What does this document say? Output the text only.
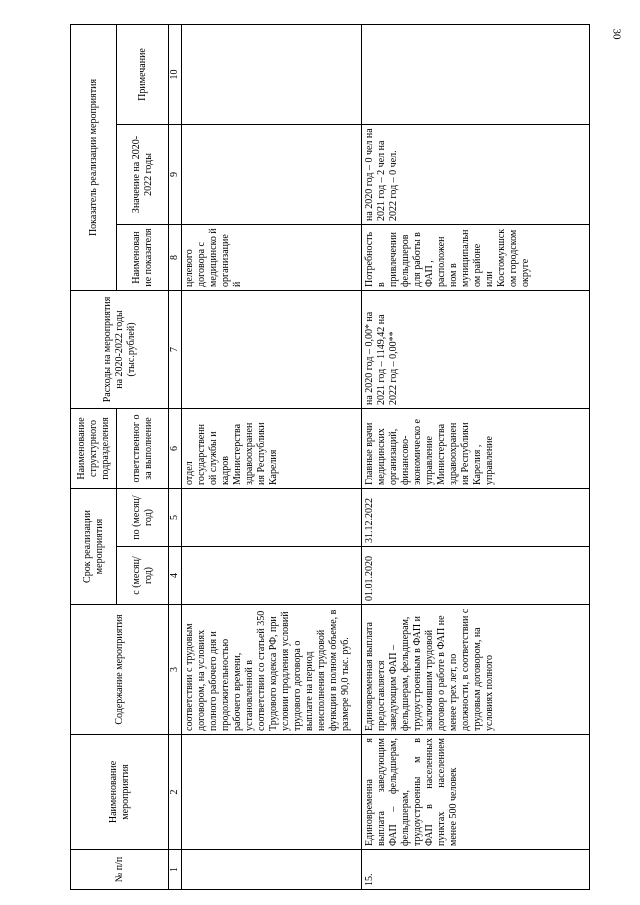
30
№ п/п	Наименование мероприятия	Содержание мероприятия	Срок реализации мероприятия		Наименование структурного подразделения	Расходы на мероприятия на 2020-2022 годы (тыс.рублей)	Показатель реализации мероприятия		
			с (месяц/ год)	по (месяц/ год)	ответственног о за выполнение		Наименован ие показателя	Значение на 2020-2022 годы	Примечание

1	2	3	4	5	6	7	8	9	10
		соответствии с трудовым договором, на условиях полного рабочего дня и продолжительностью рабочего времени, установленной в соответствии со статьей 350 Трудового кодекса РФ, при условии продления условий трудового договора о выплате на период неисполнения трудовой функции в полном объеме, в размере 90,0 тыс. руб.			отдел государственн ой службы и кадров Министерства здравоохранен ия Республики Карелия		целевого договора с медицинско й организацие й		
15.	Единовременна я выплата заведующим ФАП – фельдшерам, фельдшерам, трудоустроенны м в ФАП в населенных пунктах населением менее 500 человек	Единовременная выплата предоставляется заведующим ФАП – фельдшерам, фельдшерам, трудоустроенным в ФАП и заключившим трудовой договор о работе в ФАП не менее трех лет, по должности, в соответствии с трудовым договором, на условиях полного	01.01.2020	31.12.2022	Главные врачи медицинских организаций, финансово-экономическо е управление Министерства здравоохранен ия Республики Карелия , управление	на 2020 год – 0,00* на 2021 год – 1149,42 на 2022 год – 0,00**	Потребность в привлечении фельдшеров для работы в ФАП , расположен ном в муниципальн ом районе или Костомукшск ом городском округе	на 2020 год – 0 чел на 2021 год – 2 чел на 2022 год – 0 чел.	
